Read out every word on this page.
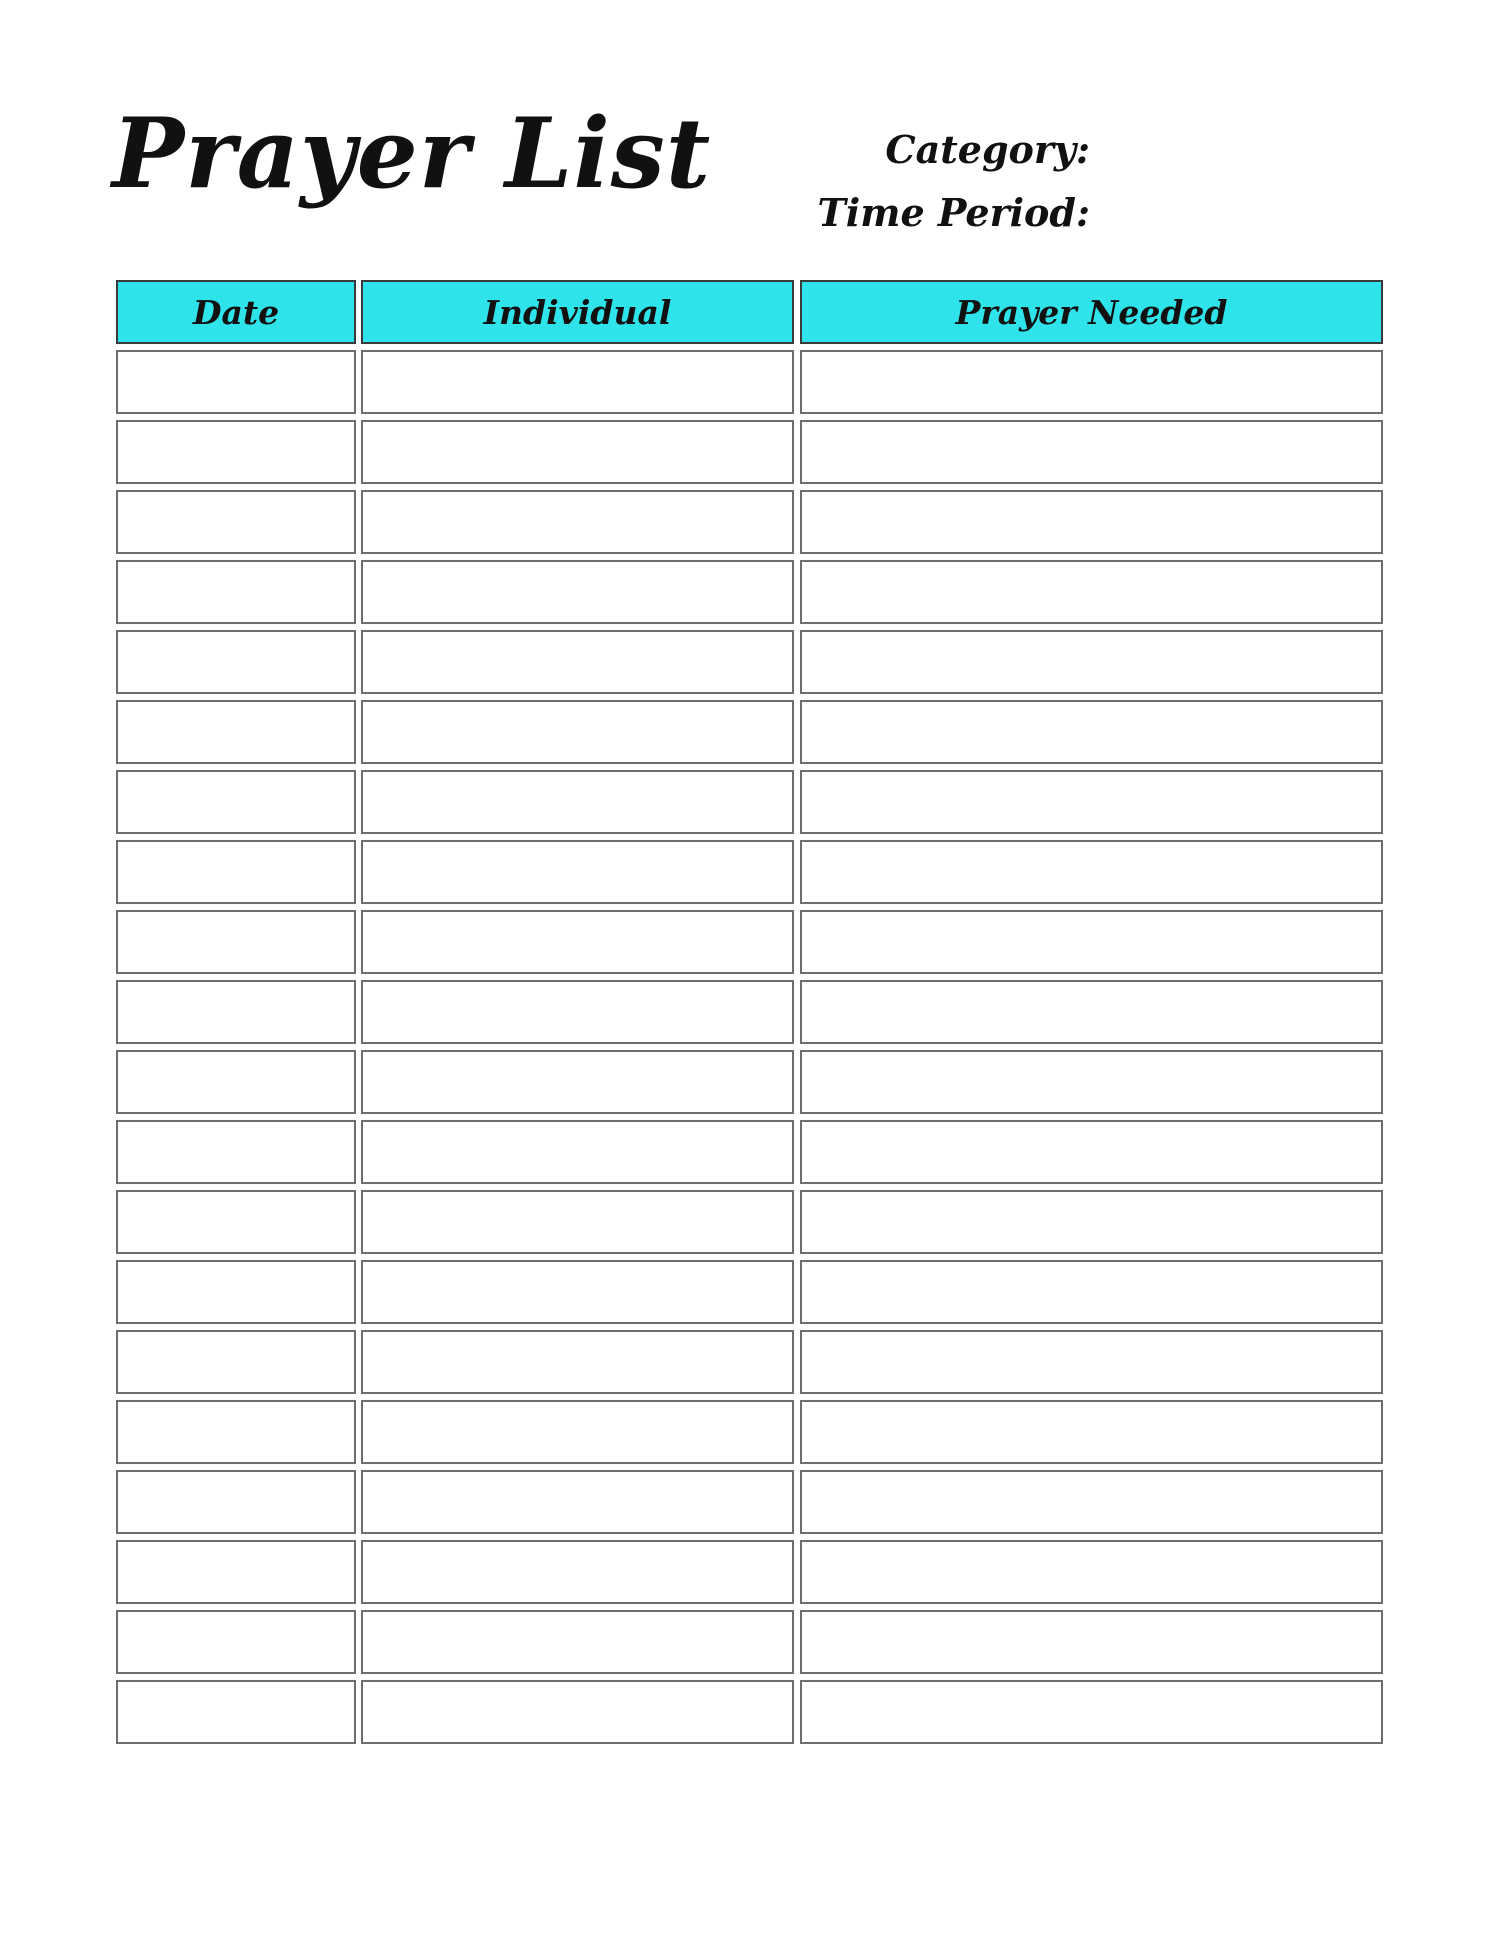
Prayer List	Category:
Time Period:
Date	Individual	Prayer Needed
